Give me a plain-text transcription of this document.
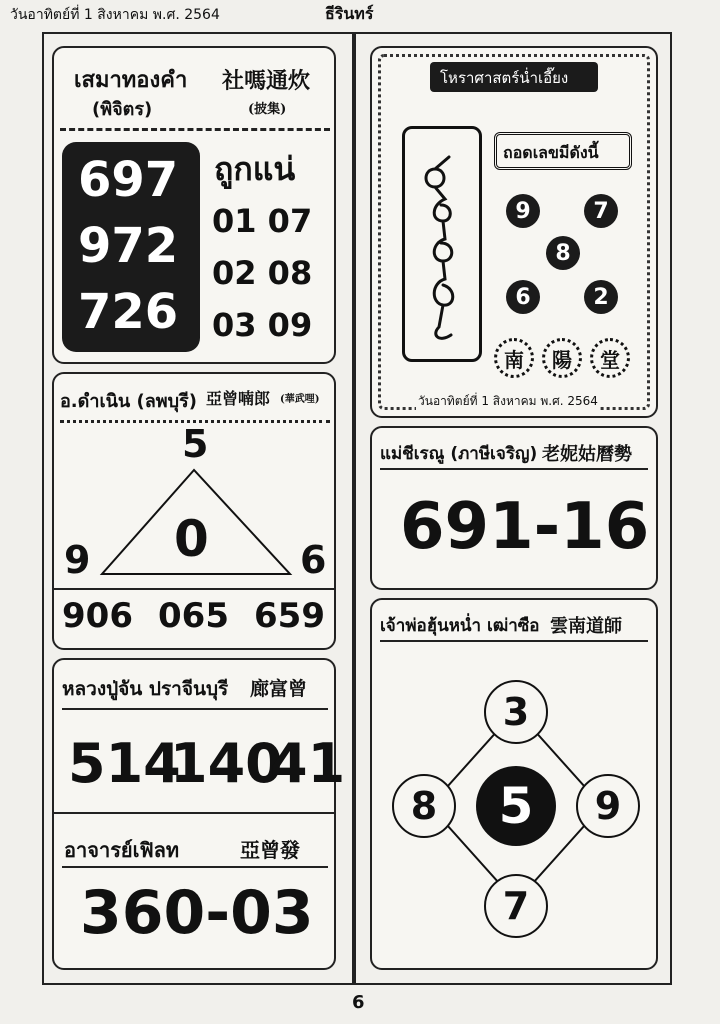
วันอาทิตย์ที่ 1 สิงหาคม พ.ศ. 2564	ธีรินทร์
เสมาทองคำ
(พิจิตร)
社嗎通炊
(披集)
697
972
726
ถูกแน่
01 07
02 08
03 09
อ.ดำเนิน (ลพบุรี) 亞曾喃郎 (華武哩)
5
0
9	6
906 065 659
หลวงปู่จัน ปราจีนบุรี 廊富曾
514
140
41
อาจารย์เฟิลท	亞曾發
360-03
โหราศาสตร์น่ำเอี๊ยง
ถอดเลขมีดังนี้
9	7
8
6	2
南	陽	堂
วันอาทิตย์ที่ 1 สิงหาคม พ.ศ. 2564
แม่ชีเรณู (ภาษีเจริญ) 老妮姑曆勢
691-16
เจ้าพ่อฮุ้นหน่ำ เฒ่าซือ 雲南道師
3
8	5	9
7
6
